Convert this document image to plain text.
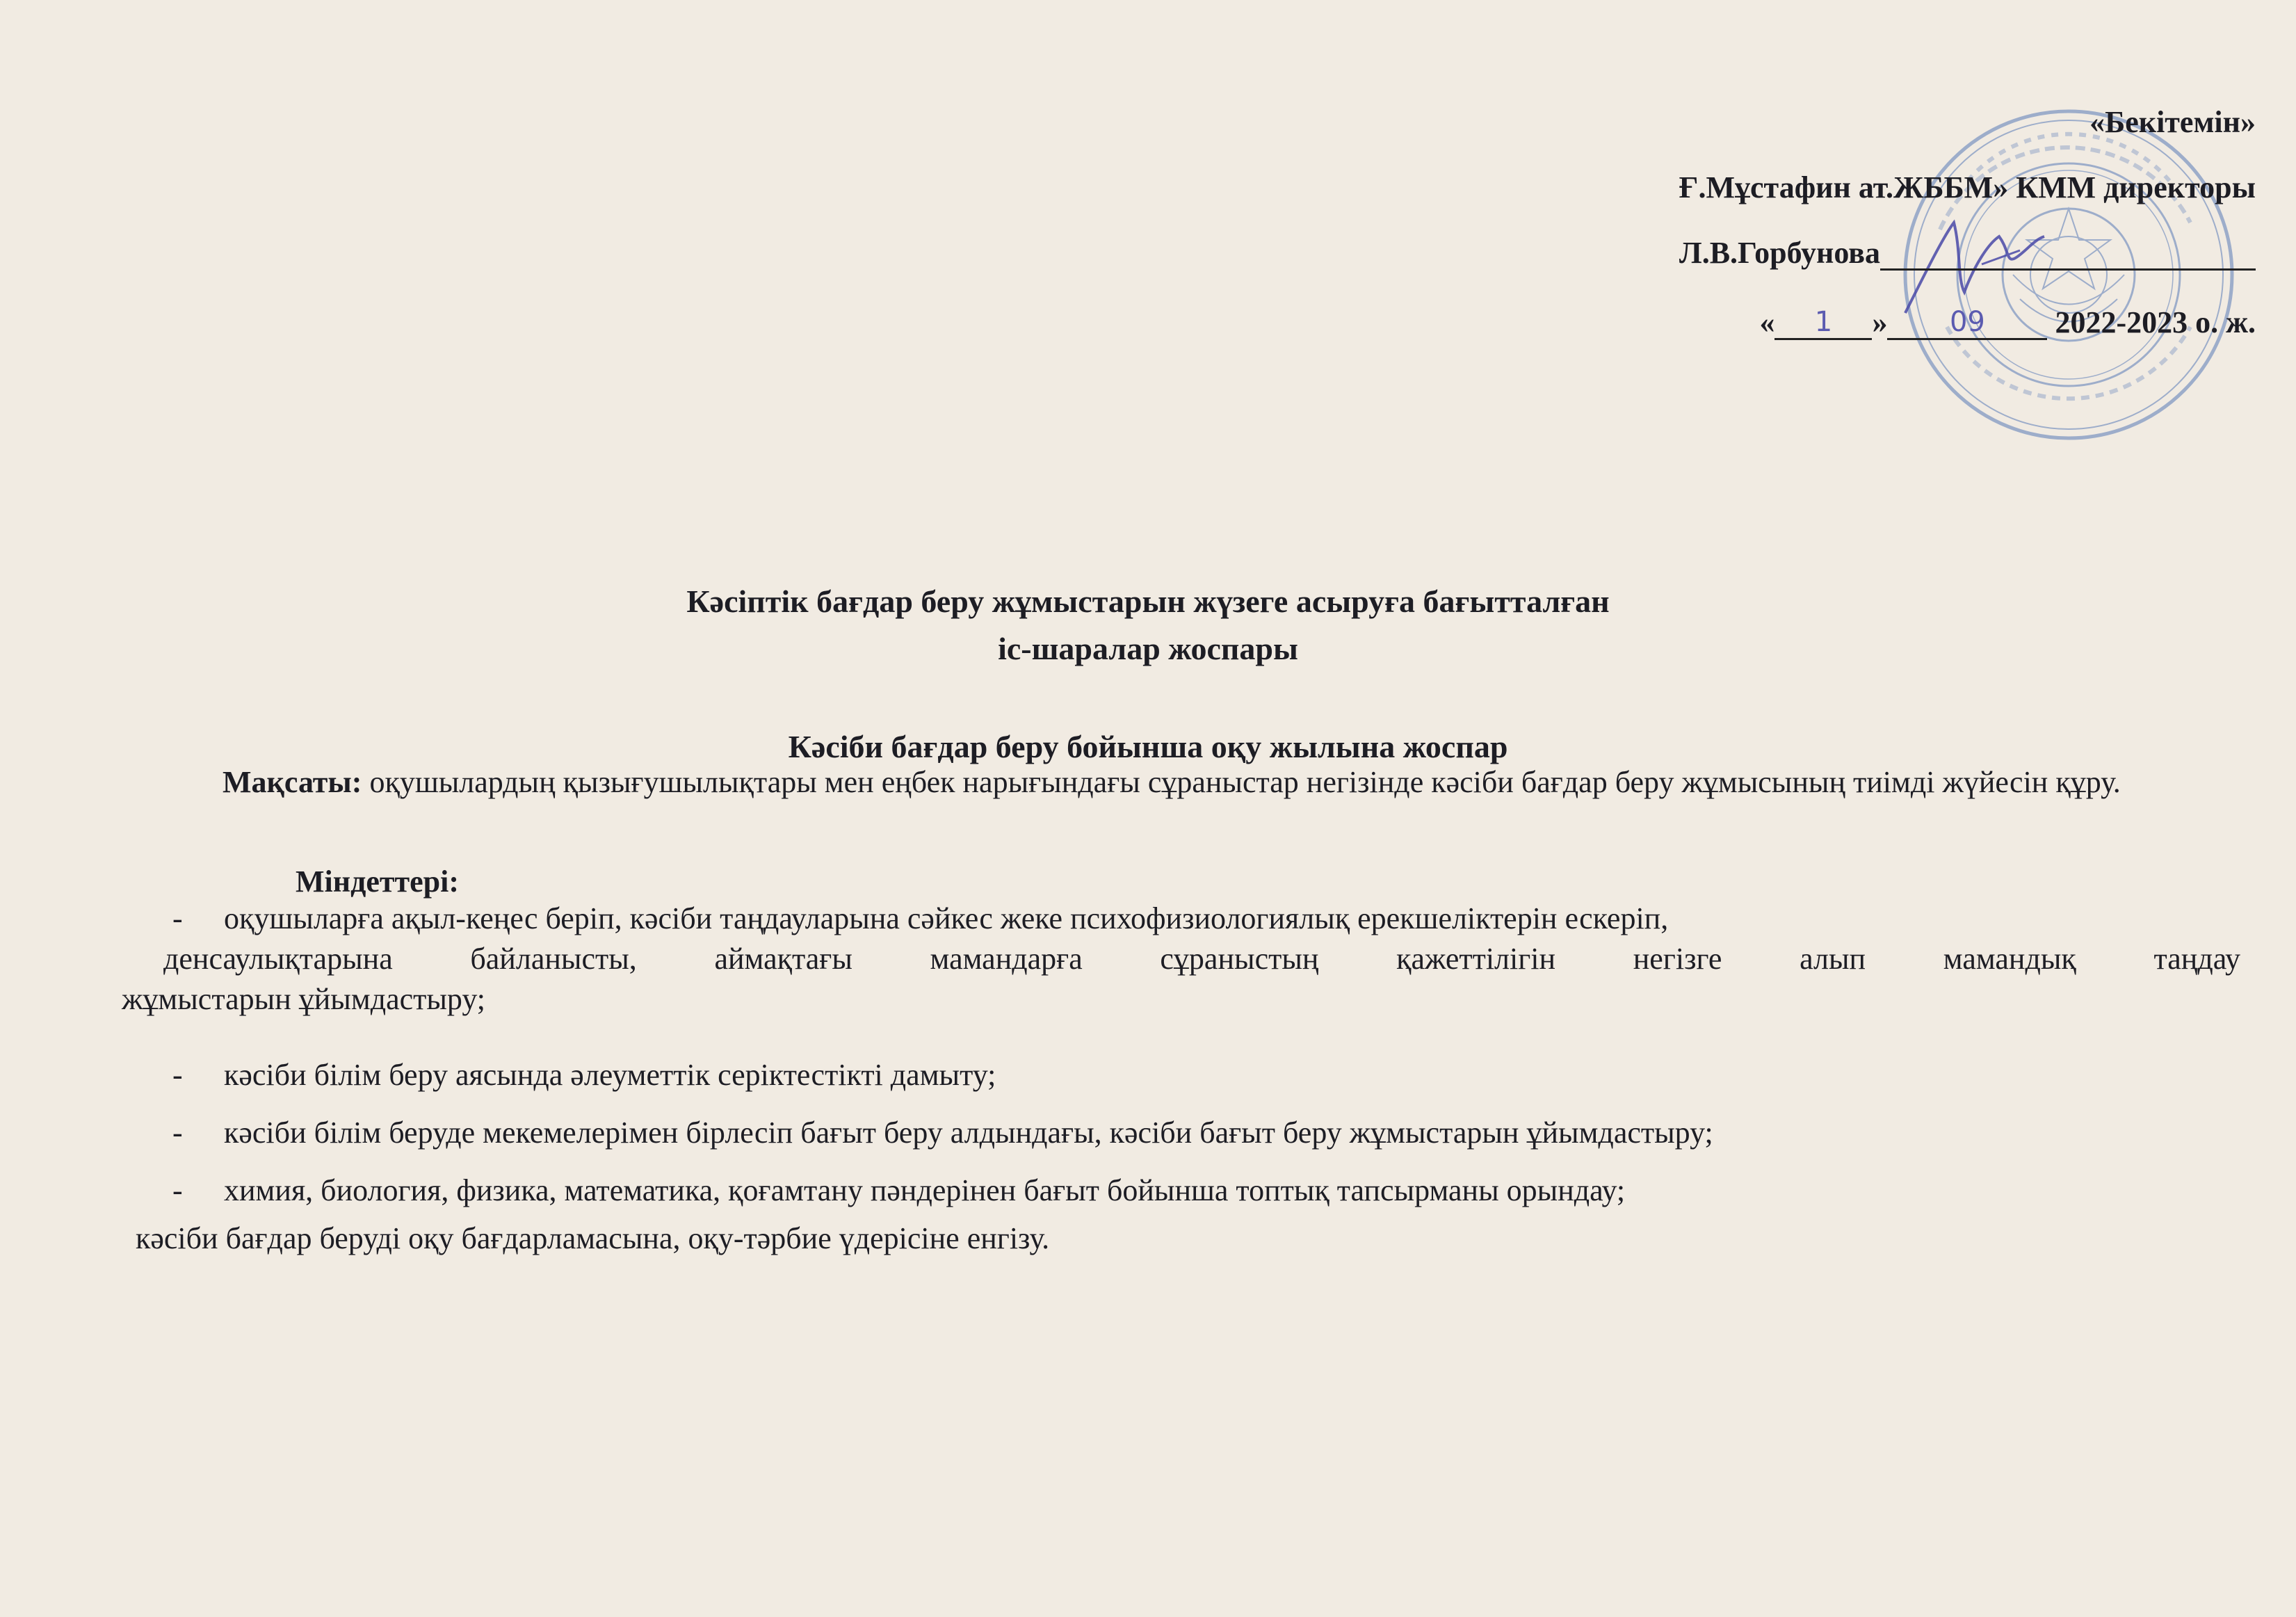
«Бекітемін»
Ғ.Мұстафин ат.ЖББМ» КММ директоры
Л.В.Горбунова
« 1 » 09 2022-2023 о. ж.
Кәсіптік бағдар беру жұмыстарын жүзеге асыруға бағытталған
іс-шаралар жоспары
Кәсіби бағдар беру бойынша оқу жылына жоспар
Мақсаты: оқушылардың қызығушылықтары мен еңбек нарығындағы сұраныстар негізінде кәсіби бағдар беру жұмысының тиімді жүйесін құру.
Міндеттері:
- оқушыларға ақыл-кеңес беріп, кәсіби таңдауларына сәйкес жеке психофизиологиялық ерекшеліктерін ескеріп,
денсаулықтарына байланысты, аймақтағы мамандарға сұраныстың қажеттілігін негізге алып мамандық таңдау
жұмыстарын ұйымдастыру;
- кәсіби білім беру аясында әлеуметтік серіктестікті дамыту;
- кәсіби білім беруде мекемелерімен бірлесіп бағыт беру алдындағы, кәсіби бағыт беру жұмыстарын ұйымдастыру;
- химия, биология, физика, математика, қоғамтану пәндерінен бағыт бойынша топтық тапсырманы орындау;
кәсіби бағдар беруді оқу бағдарламасына, оқу-тәрбие үдерісіне енгізу.
